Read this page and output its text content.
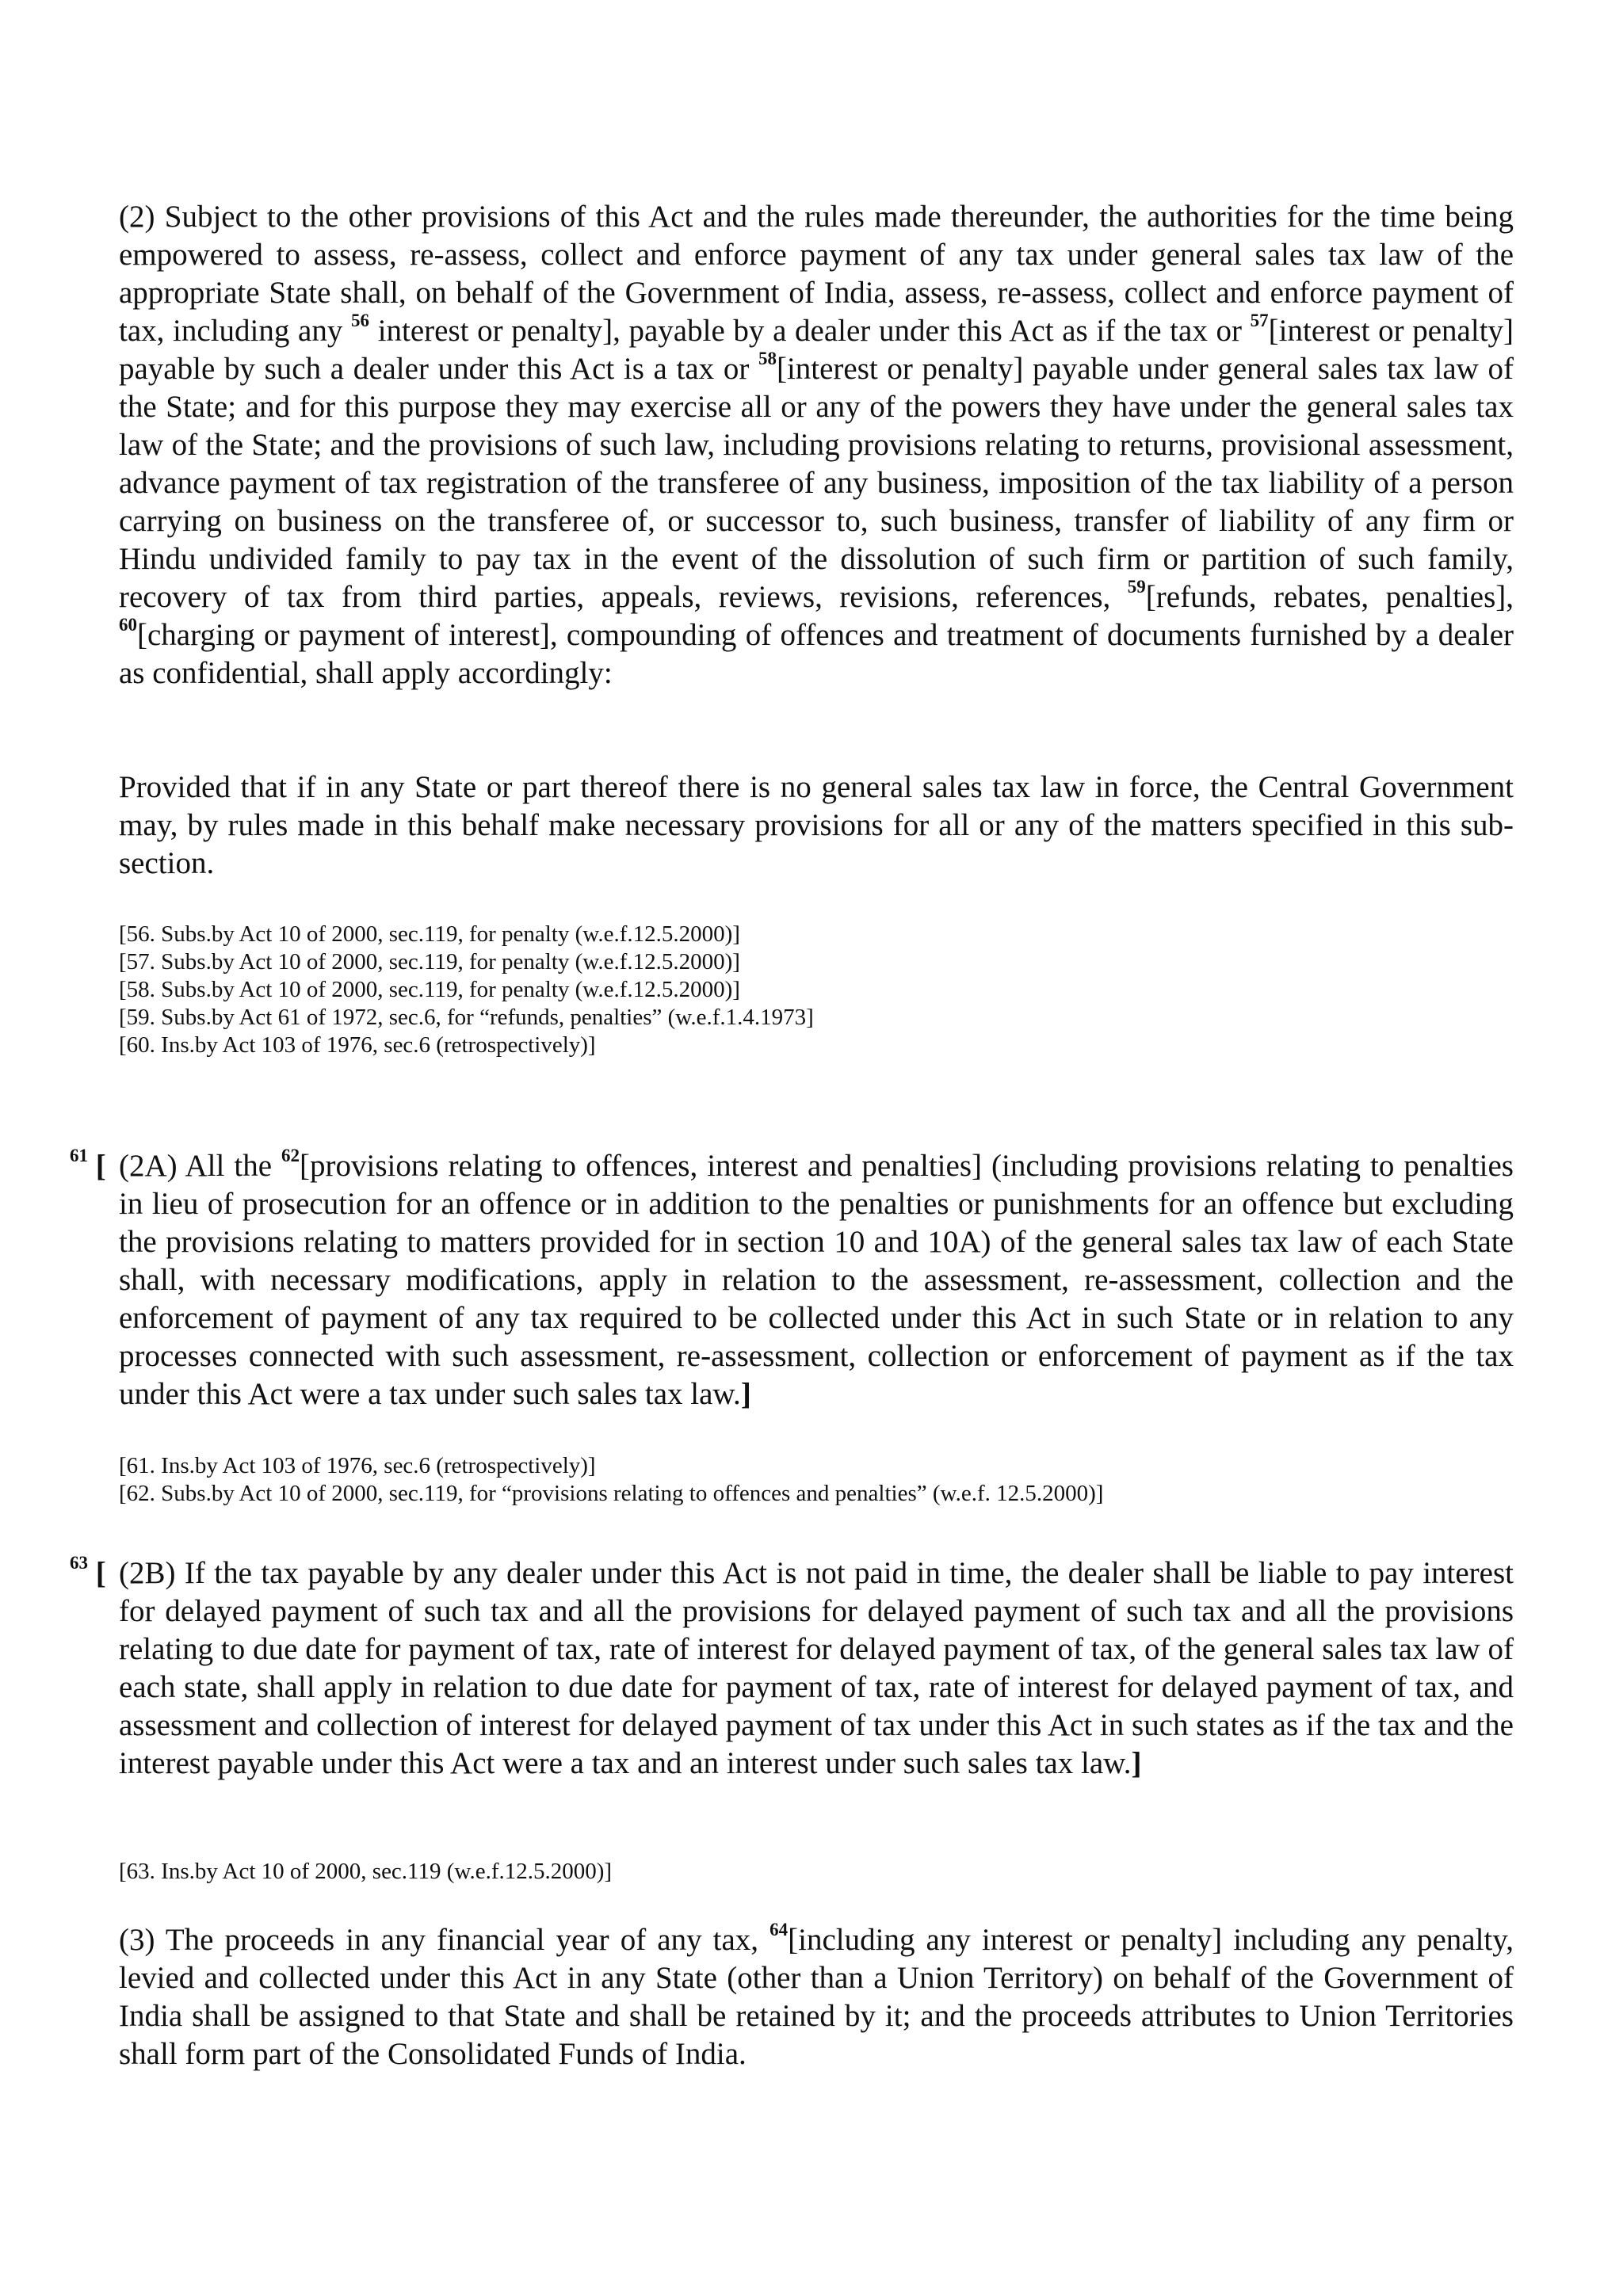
(2) Subject to the other provisions of this Act and the rules made thereunder, the authorities for the time being empowered to assess, re-assess, collect and enforce payment of any tax under general sales tax law of the appropriate State shall, on behalf of the Government of India, assess, re-assess, collect and enforce payment of tax, including any $^{56}$ interest or penalty], payable by a dealer under this Act as if the tax or $^{57}$[interest or penalty] payable by such a dealer under this Act is a tax or $^{58}$[interest or penalty] payable under general sales tax law of the State; and for this purpose they may exercise all or any of the powers they have under the general sales tax law of the State; and the provisions of such law, including provisions relating to returns, provisional assessment, advance payment of tax registration of the transferee of any business, imposition of the tax liability of a person carrying on business on the transferee of, or successor to, such business, transfer of liability of any firm or Hindu undivided family to pay tax in the event of the dissolution of such firm or partition of such family, recovery of tax from third parties, appeals, reviews, revisions, references, $^{59}$[refunds, rebates, penalties], $^{60}$[charging or payment of interest], compounding of offences and treatment of documents furnished by a dealer as confidential, shall apply accordingly:

Provided that if in any State or part thereof there is no general sales tax law in force, the Central Government may, by rules made in this behalf make necessary provisions for all or any of the matters specified in this sub-section.

[56. Subs.by Act 10 of 2000, sec.119, for penalty (w.e.f.12.5.2000)]
[57. Subs.by Act 10 of 2000, sec.119, for penalty (w.e.f.12.5.2000)]
[58. Subs.by Act 10 of 2000, sec.119, for penalty (w.e.f.12.5.2000)]
[59. Subs.by Act 61 of 1972, sec.6, for “refunds, penalties” (w.e.f.1.4.1973]
[60. Ins.by Act 103 of 1976, sec.6 (retrospectively)]
$^{61}$ [ (2A) All the $^{62}$[provisions relating to offences, interest and penalties] (including provisions relating to penalties in lieu of prosecution for an offence or in addition to the penalties or punishments for an offence but excluding the provisions relating to matters provided for in section 10 and 10A) of the general sales tax law of each State shall, with necessary modifications, apply in relation to the assessment, re-assessment, collection and the enforcement of payment of any tax required to be collected under this Act in such State or in relation to any processes connected with such assessment, re-assessment, collection or enforcement of payment as if the tax under this Act were a tax under such sales tax law.]

[61. Ins.by Act 103 of 1976, sec.6 (retrospectively)]
[62. Subs.by Act 10 of 2000, sec.119, for “provisions relating to offences and penalties” (w.e.f. 12.5.2000)]
$^{63}$ [ (2B) If the tax payable by any dealer under this Act is not paid in time, the dealer shall be liable to pay interest for delayed payment of such tax and all the provisions for delayed payment of such tax and all the provisions relating to due date for payment of tax, rate of interest for delayed payment of tax, of the general sales tax law of each state, shall apply in relation to due date for payment of tax, rate of interest for delayed payment of tax, and assessment and collection of interest for delayed payment of tax under this Act in such states as if the tax and the interest payable under this Act were a tax and an interest under such sales tax law.]

[63. Ins.by Act 10 of 2000, sec.119 (w.e.f.12.5.2000)]

(3) The proceeds in any financial year of any tax, $^{64}$[including any interest or penalty] including any penalty, levied and collected under this Act in any State (other than a Union Territory) on behalf of the Government of India shall be assigned to that State and shall be retained by it; and the proceeds attributes to Union Territories shall form part of the Consolidated Funds of India.
